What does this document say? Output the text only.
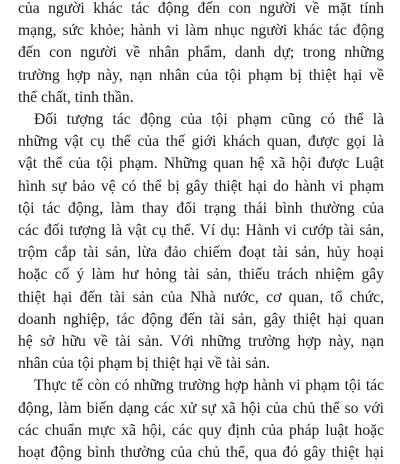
của người khác tác động đến con người về mặt tính
mạng, sức khỏe; hành vi làm nhục người khác tác động
đến con người về nhân phẩm, danh dự; trong những
trường hợp này, nạn nhân của tội phạm bị thiệt hại về
thể chất, tinh thần.
Đối tượng tác động của tội phạm cũng có thể là
những vật cụ thể của thế giới khách quan, được gọi là
vật thể của tội phạm. Những quan hệ xã hội được Luật
hình sự bảo vệ có thể bị gây thiệt hại do hành vi phạm
tội tác động, làm thay đổi trạng thái bình thường của
các đối tượng là vật cụ thể. Ví dụ: Hành vi cướp tài sản,
trộm cắp tài sản, lừa đảo chiếm đoạt tài sản, hủy hoại
hoặc cố ý làm hư hỏng tài sản, thiếu trách nhiệm gây
thiệt hại đến tài sản của Nhà nước, cơ quan, tổ chức,
doanh nghiệp, tác động đến tài sản, gây thiệt hại quan
hệ sở hữu về tài sản. Với những trường hợp này, nạn
nhân của tội phạm bị thiệt hại về tài sản.
Thực tế còn có những trường hợp hành vi phạm tội tác
động, làm biến dạng các xử sự xã hội của chủ thể so với
các chuẩn mực xã hội, các quy định của pháp luật hoặc
hoạt động bình thường của chủ thể, qua đó gây thiệt hại
